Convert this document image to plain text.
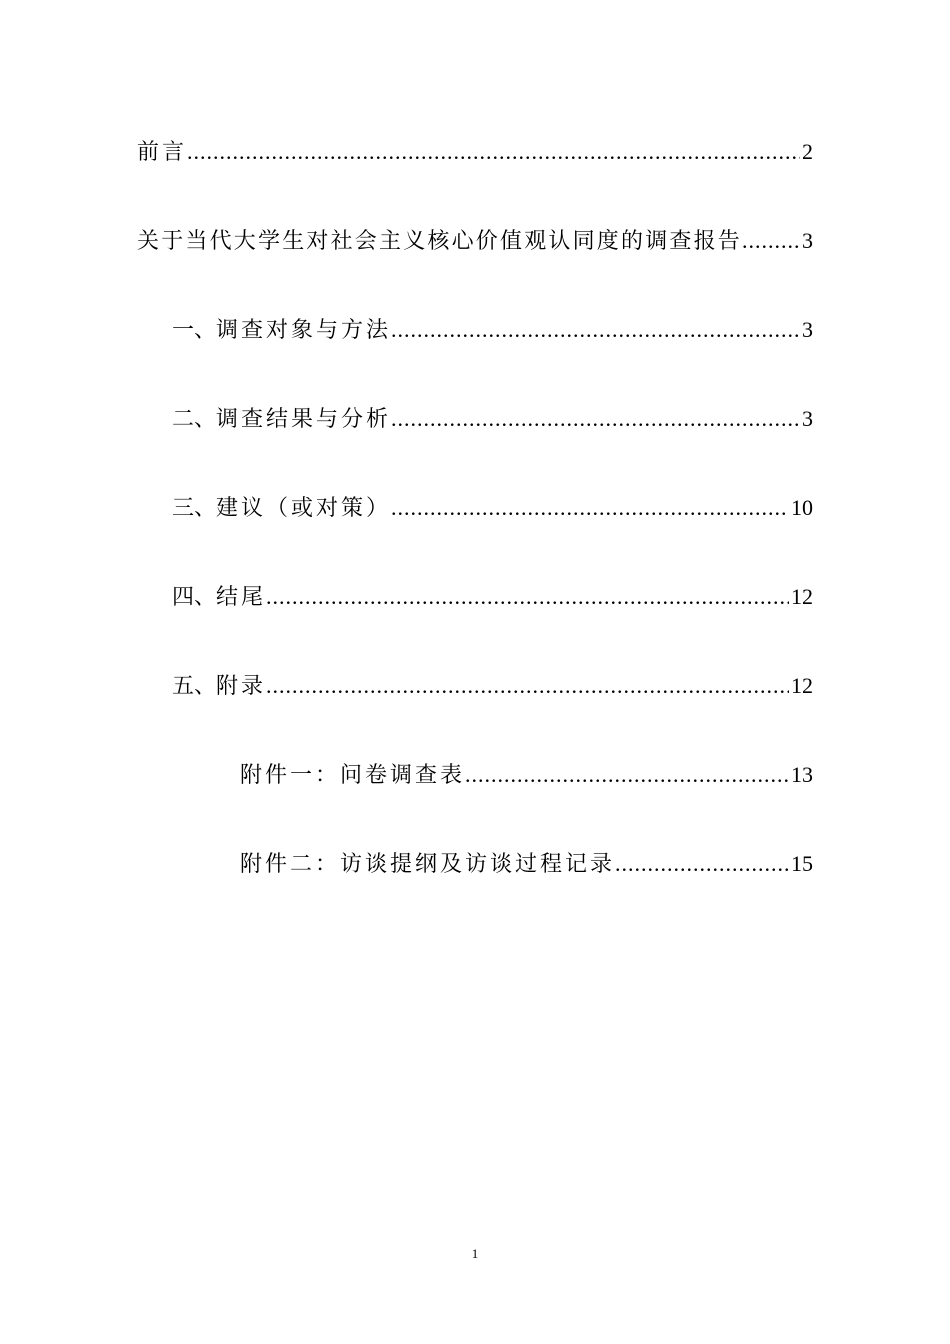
前言 .....	2
关于当代大学生对社会主义核心价值观认同度的调查报告 .....	3
一、 调查对象与方法 .....	3
二、 调查结果与分析 .....	3
三、 建议（或对策） .....	10
四、 结尾 .....	12
五、 附录 .....	12
附件一：问卷调查表 .....	13
附件二：访谈提纲及访谈过程记录 .....	15
1
